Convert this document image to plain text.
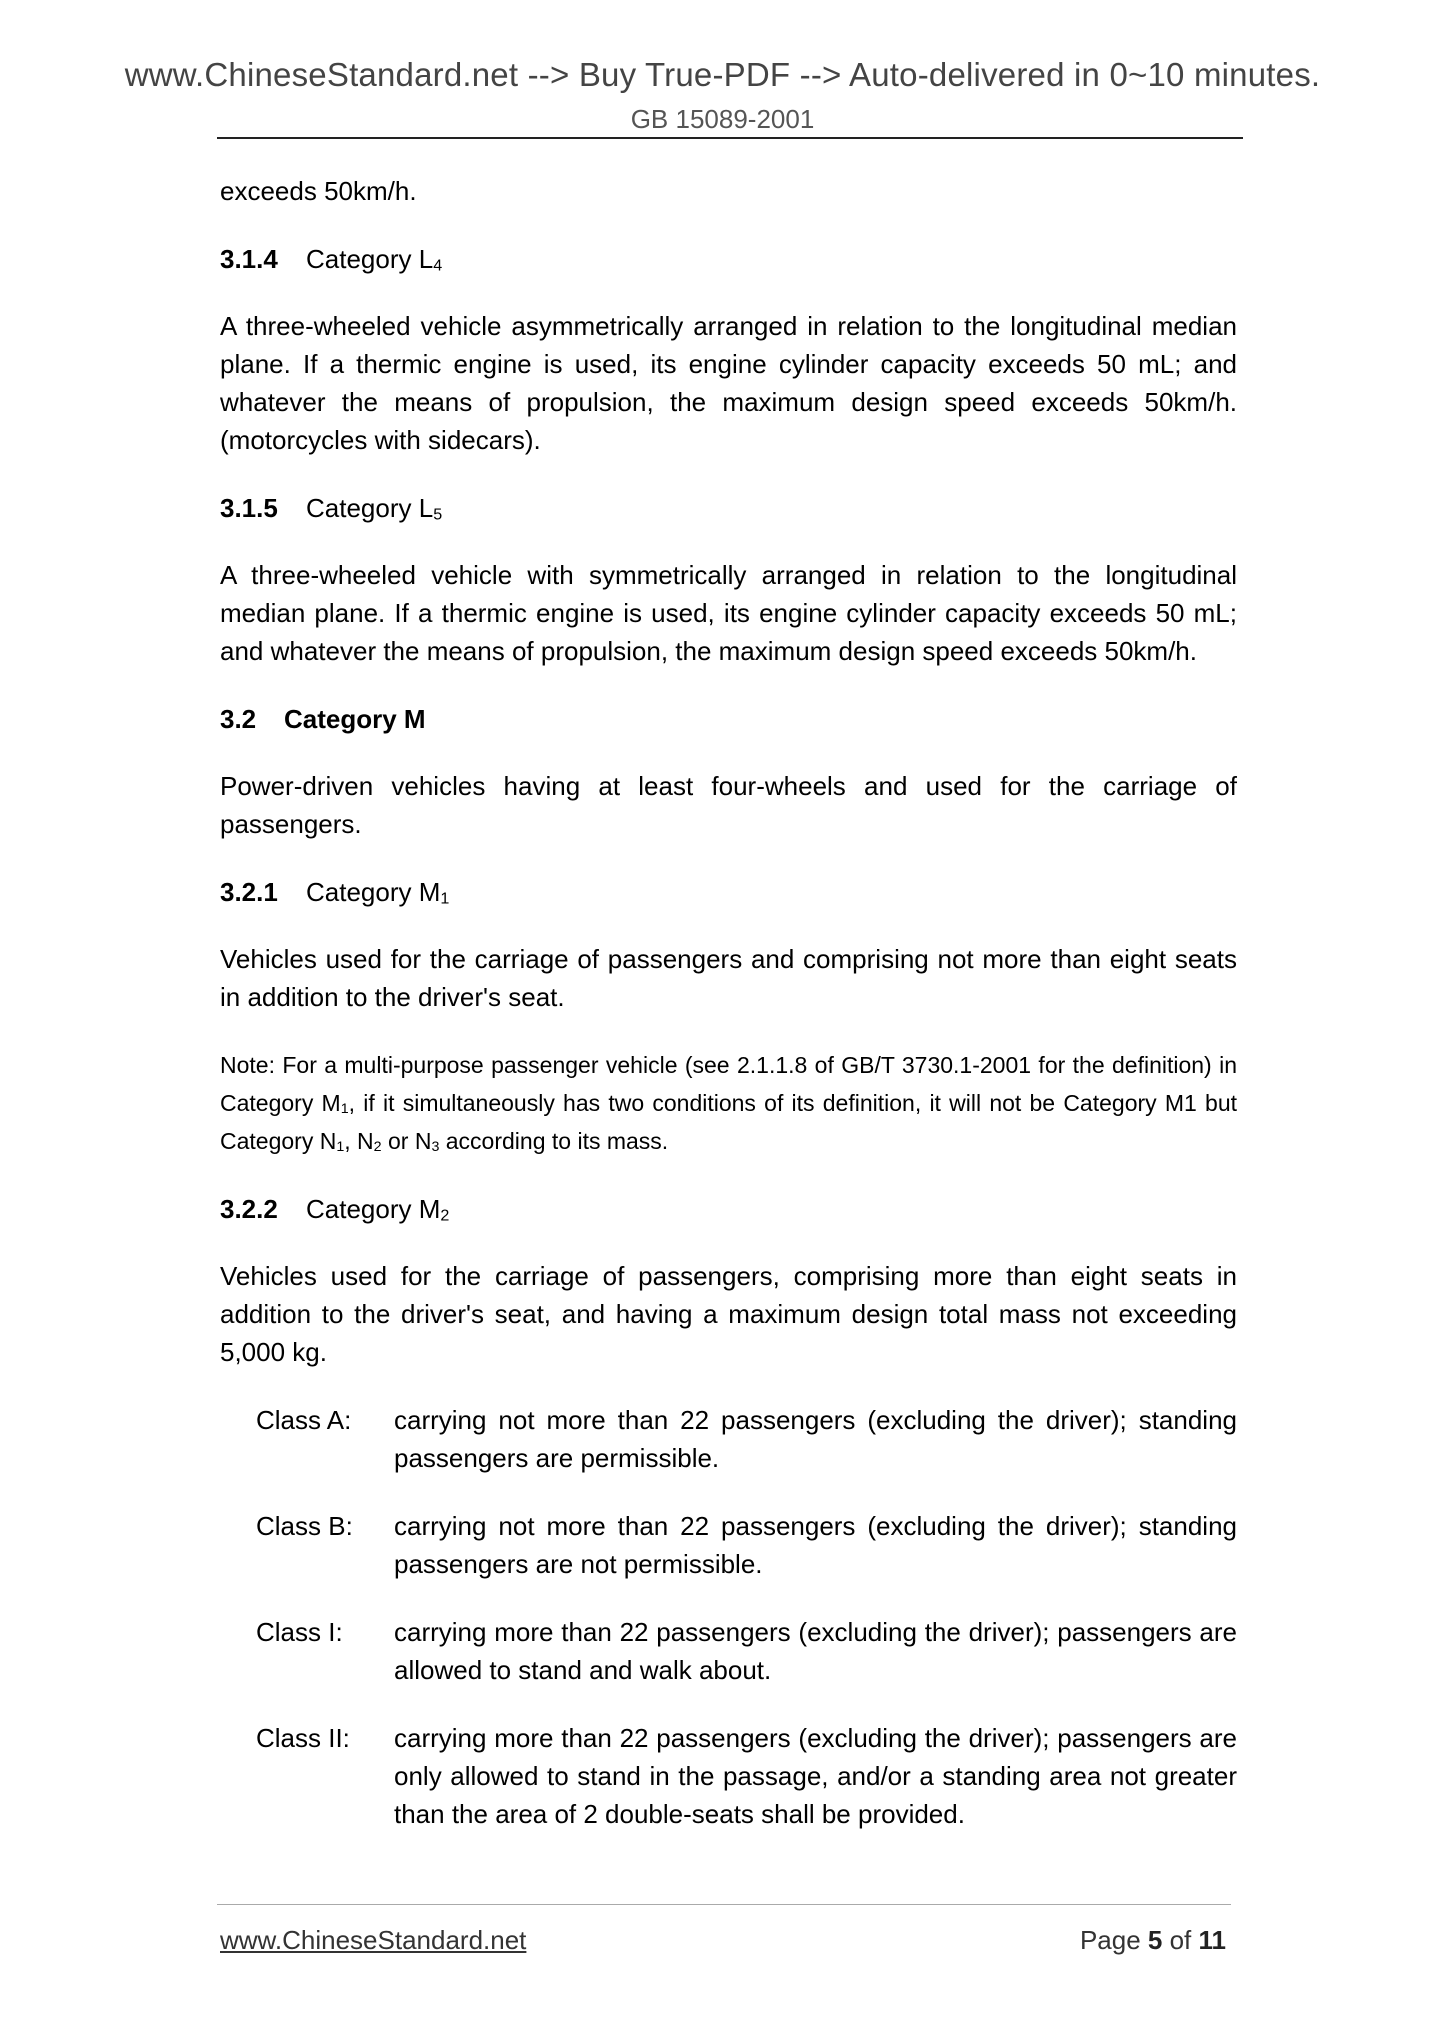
www.ChineseStandard.net --> Buy True-PDF --> Auto-delivered in 0~10 minutes.
GB 15089-2001

exceeds 50km/h.

3.1.4 Category $L_4$

A three-wheeled vehicle asymmetrically arranged in relation to the longitudinal median plane. If a thermic engine is used, its engine cylinder capacity exceeds 50 mL; and whatever the means of propulsion, the maximum design speed exceeds 50km/h. (motorcycles with sidecars).

3.1.5 Category $L_5$

A three-wheeled vehicle with symmetrically arranged in relation to the longitudinal median plane. If a thermic engine is used, its engine cylinder capacity exceeds 50 mL; and whatever the means of propulsion, the maximum design speed exceeds 50km/h.

3.2 Category M

Power-driven vehicles having at least four-wheels and used for the carriage of passengers.

3.2.1 Category $M_1$

Vehicles used for the carriage of passengers and comprising not more than eight seats in addition to the driver's seat.

Note: For a multi-purpose passenger vehicle (see 2.1.1.8 of GB/T 3730.1-2001 for the definition) in Category $M_1$, if it simultaneously has two conditions of its definition, it will not be Category M1 but Category $N_1$, $N_2$ or $N_3$ according to its mass.

3.2.2 Category $M_2$

Vehicles used for the carriage of passengers, comprising more than eight seats in addition to the driver's seat, and having a maximum design total mass not exceeding 5,000 kg.

Class A: carrying not more than 22 passengers (excluding the driver); standing passengers are permissible.
Class B: carrying not more than 22 passengers (excluding the driver); standing passengers are not permissible.
Class I: carrying more than 22 passengers (excluding the driver); passengers are allowed to stand and walk about.
Class II: carrying more than 22 passengers (excluding the driver); passengers are only allowed to stand in the passage, and/or a standing area not greater than the area of 2 double-seats shall be provided.
www.ChineseStandard.net	Page 5 of 11
